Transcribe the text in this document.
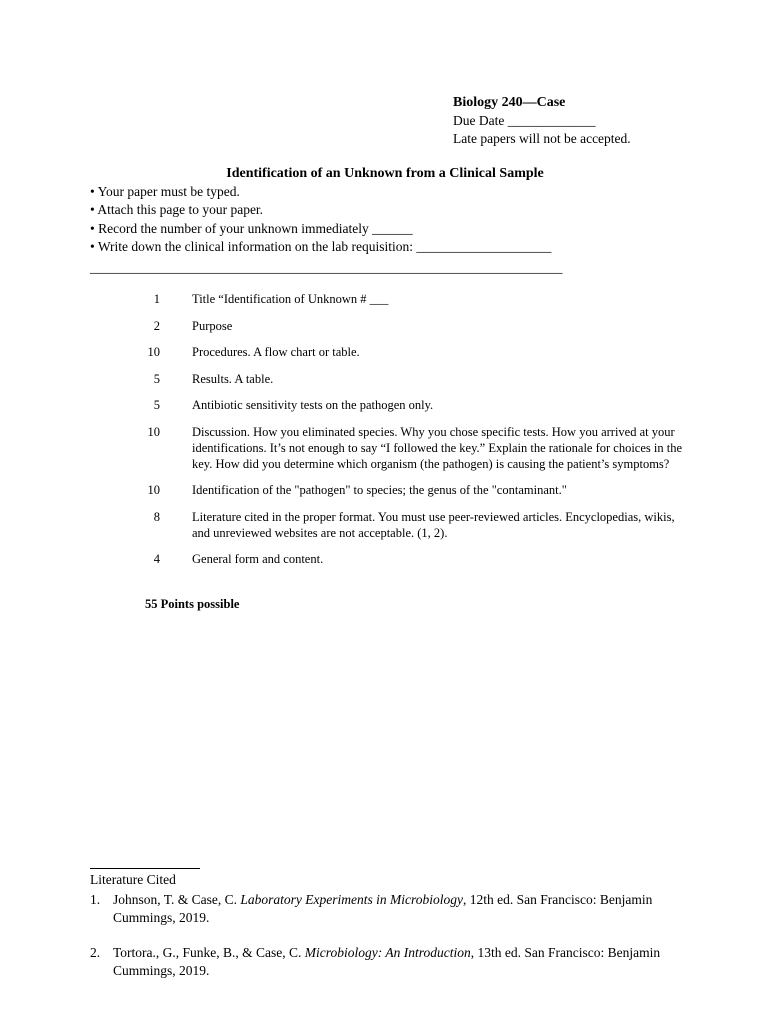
Biology 240—Case
Due Date _____________
Late papers will not be accepted.
Identification of an Unknown from a Clinical Sample
• Your paper must be typed.
• Attach this page to your paper.
• Record the number of your unknown immediately ______
• Write down the clinical information on the lab requisition: ____________________
______________________________________________________________________
1	Title “Identification of Unknown # ___
2	Purpose
10	Procedures. A flow chart or table.
5	Results. A table.
5	Antibiotic sensitivity tests on the pathogen only.
10	Discussion. How you eliminated species. Why you chose specific tests. How you arrived at your identifications. It’s not enough to say “I followed the key.” Explain the rationale for choices in the key. How did you determine which organism (the pathogen) is causing the patient’s symptoms?
10	Identification of the "pathogen" to species; the genus of the "contaminant."
8	Literature cited in the proper format. You must use peer-reviewed articles. Encyclopedias, wikis, and unreviewed websites are not acceptable. (1, 2).
4	General form and content.
55 Points possible
Literature Cited
1. Johnson, T. & Case, C. Laboratory Experiments in Microbiology, 12th ed. San Francisco: Benjamin Cummings, 2019.
2. Tortora., G., Funke, B., & Case, C. Microbiology: An Introduction, 13th ed. San Francisco: Benjamin Cummings, 2019.
